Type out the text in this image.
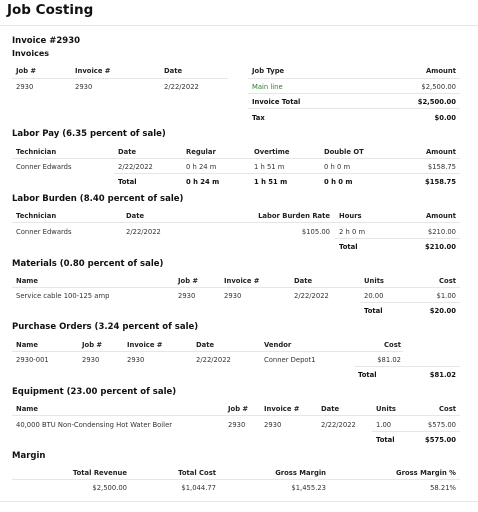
Job Costing
Invoice #2930
Invoices
Job #	Invoice #	Date	Job Type	Amount
2930	2930	2/22/2022	Main line	$2,500.00
Invoice Total	$2,500.00
Tax	$0.00
Labor Pay (6.35 percent of sale)
Technician	Date	Regular	Overtime	Double OT	Amount
Conner Edwards	2/22/2022	0 h 24 m	1 h 51 m	0 h 0 m	$158.75
Total	0 h 24 m	1 h 51 m	0 h 0 m	$158.75
Labor Burden (8.40 percent of sale)
Technician	Date	Labor Burden Rate Hours	Amount
Conner Edwards	2/22/2022	$105.00 2 h 0 m	$210.00
Total	$210.00
Materials (0.80 percent of sale)
Name	Job #	Invoice #	Date	Units	Cost
Service cable 100-125 amp	2930	2930	2/22/2022	20.00	$1.00
Total	$20.00
Purchase Orders (3.24 percent of sale)
Name	Job #	Invoice #	Date	Vendor	Cost
2930-001	2930	2930	2/22/2022	Conner Depot1	$81.02
Total	$81.02
Equipment (23.00 percent of sale)
Name	Job # Invoice #	Date	Units	Cost
40,000 BTU Non-Condensing Hot Water Boiler	2930	2930	2/22/2022	1.00	$575.00
Total	$575.00
Margin
Total Revenue	Total Cost	Gross Margin	Gross Margin %
$2,500.00	$1,044.77	$1,455.23	58.21%
